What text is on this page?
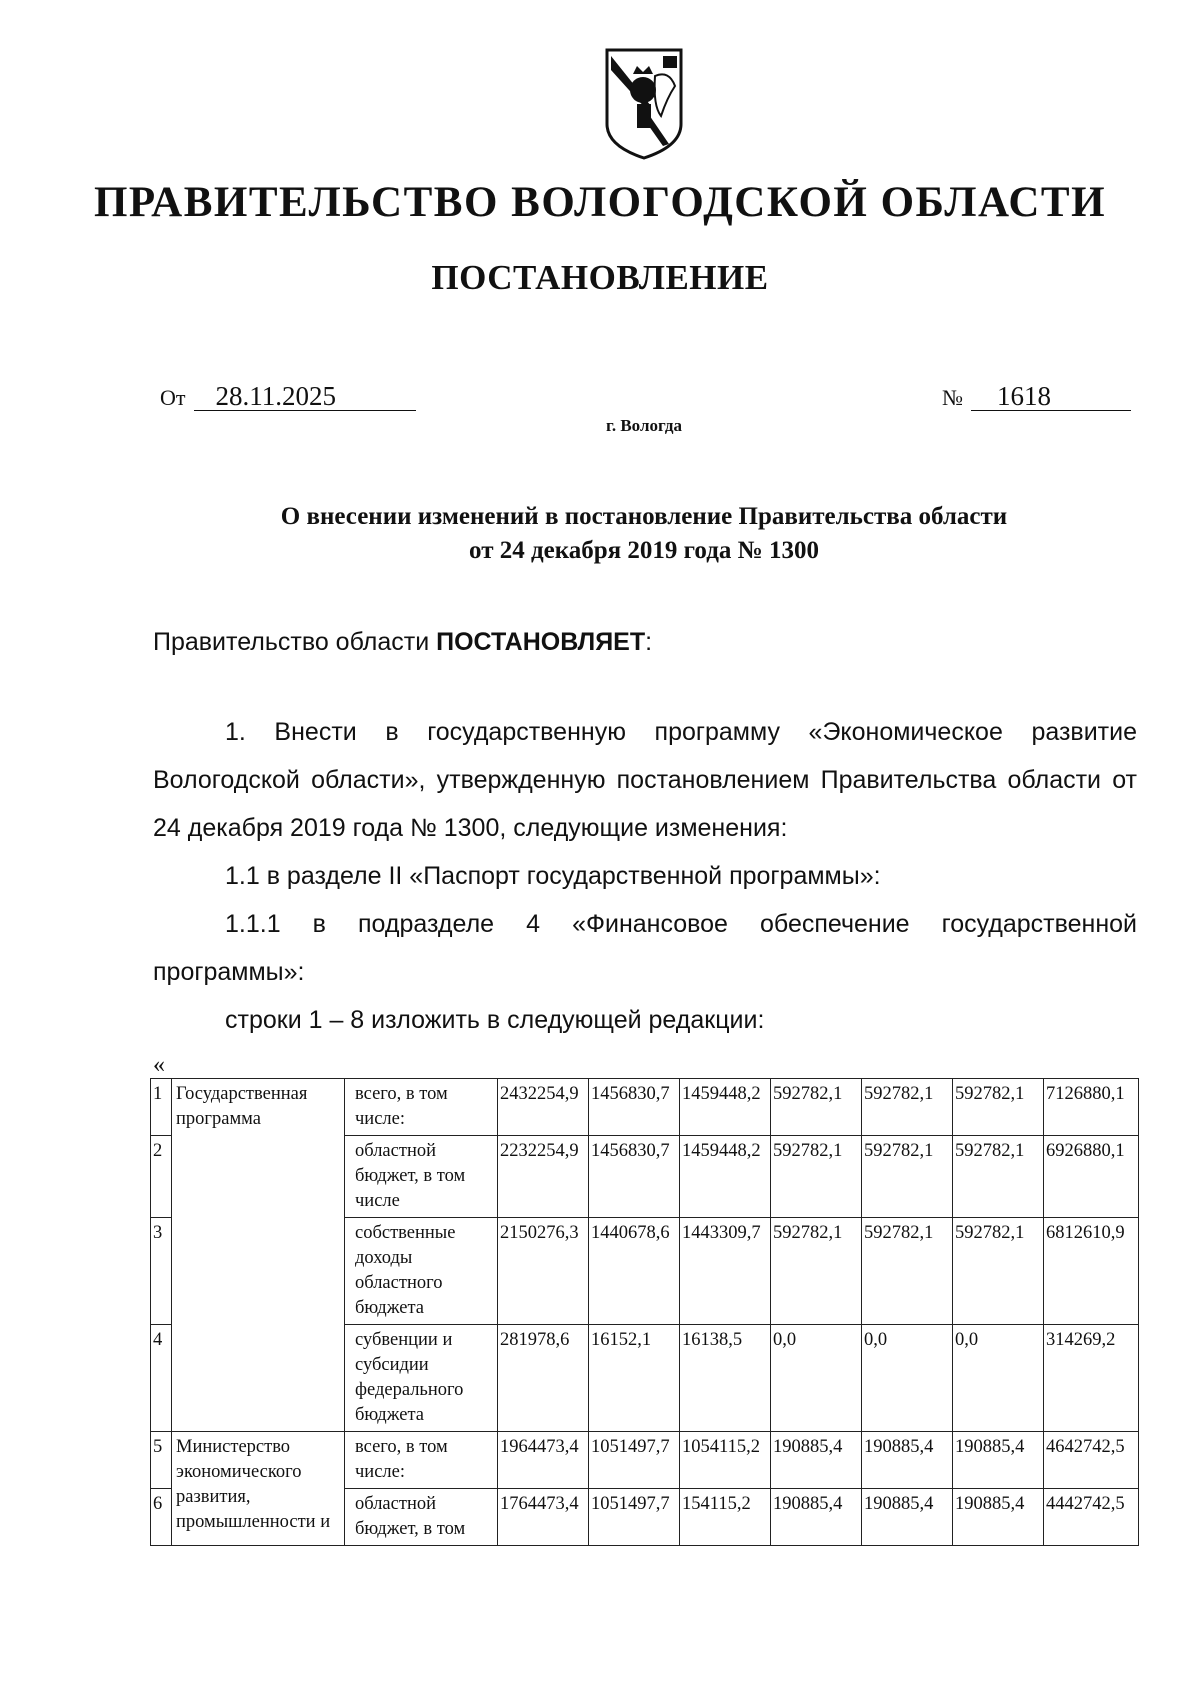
ПРАВИТЕЛЬСТВО ВОЛОГОДСКОЙ ОБЛАСТИ
ПОСТАНОВЛЕНИЕ
От 28.11.2025	№ 1618
г. Вологда
О внесении изменений в постановление Правительства области
от 24 декабря 2019 года № 1300
Правительство области ПОСТАНОВЛЯЕТ:

1. Внести в государственную программу «Экономическое развитие Вологодской области», утвержденную постановлением Правительства области от 24 декабря 2019 года № 1300, следующие изменения:

1.1 в разделе II «Паспорт государственной программы»:

1.1.1 в подразделе 4 «Финансовое обеспечение государственной программы»:

строки 1 – 8 изложить в следующей редакции:

«
1	Государственная программа	всего, в том числе:	2432254,9	1456830,7	1459448,2	592782,1	592782,1	592782,1	7126880,1
2		областной бюджет, в том числе	2232254,9	1456830,7	1459448,2	592782,1	592782,1	592782,1	6926880,1
3		собственные доходы областного бюджета	2150276,3	1440678,6	1443309,7	592782,1	592782,1	592782,1	6812610,9
4		субвенции и субсидии федерального бюджета	281978,6	16152,1	16138,5	0,0	0,0	0,0	314269,2
5	Министерство экономического развития, промышленности и	всего, в том числе:	1964473,4	1051497,7	1054115,2	190885,4	190885,4	190885,4	4642742,5
6		областной бюджет, в том	1764473,4	1051497,7	154115,2	190885,4	190885,4	190885,4	4442742,5
